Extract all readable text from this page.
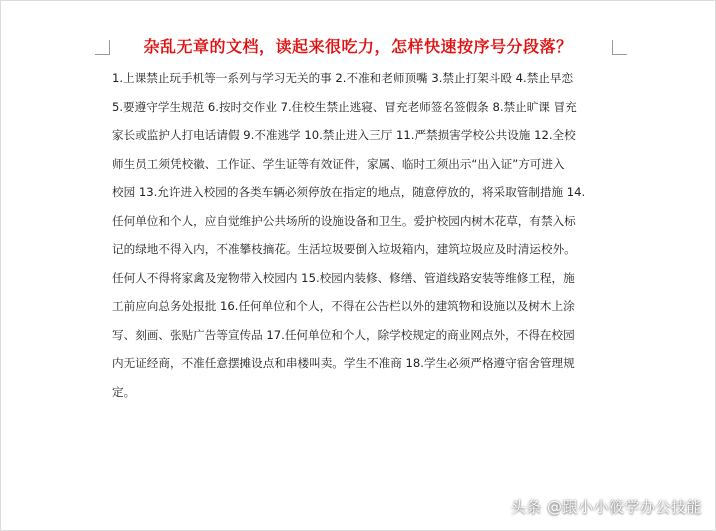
杂乱无章的文档，读起来很吃力，怎样快速按序号分段落？

1.上课禁止玩手机等一系列与学习无关的事 2.不准和老师顶嘴 3.禁止打架斗殴 4.禁止早恋

5.要遵守学生规范 6.按时交作业 7.住校生禁止逃寝、冒充老师签名签假条 8.禁止旷课 冒充

家长或监护人打电话请假 9.不准逃学 10.禁止进入三厅 11.严禁损害学校公共设施 12.全校

师生员工须凭校徽、工作证、学生证等有效证件，家属、临时工须出示“出入证”方可进入

校园 13.允许进入校园的各类车辆必须停放在指定的地点，随意停放的，将采取管制措施 14.

任何单位和个人，应自觉维护公共场所的设施设备和卫生。爱护校园内树木花草，有禁入标

记的绿地不得入内，不准攀枝摘花。生活垃圾要倒入垃圾箱内，建筑垃圾应及时清运校外。

任何人不得将家禽及宠物带入校园内 15.校园内装修、修缮、管道线路安装等维修工程，施

工前应向总务处报批 16.任何单位和个人，不得在公告栏以外的建筑物和设施以及树木上涂

写、刻画、张贴广告等宣传品 17.任何单位和个人，除学校规定的商业网点外，不得在校园

内无证经商，不准任意摆摊设点和串楼叫卖。学生不准商 18.学生必须严格遵守宿舍管理规

定。

头条 @跟小小筱学办公技能
